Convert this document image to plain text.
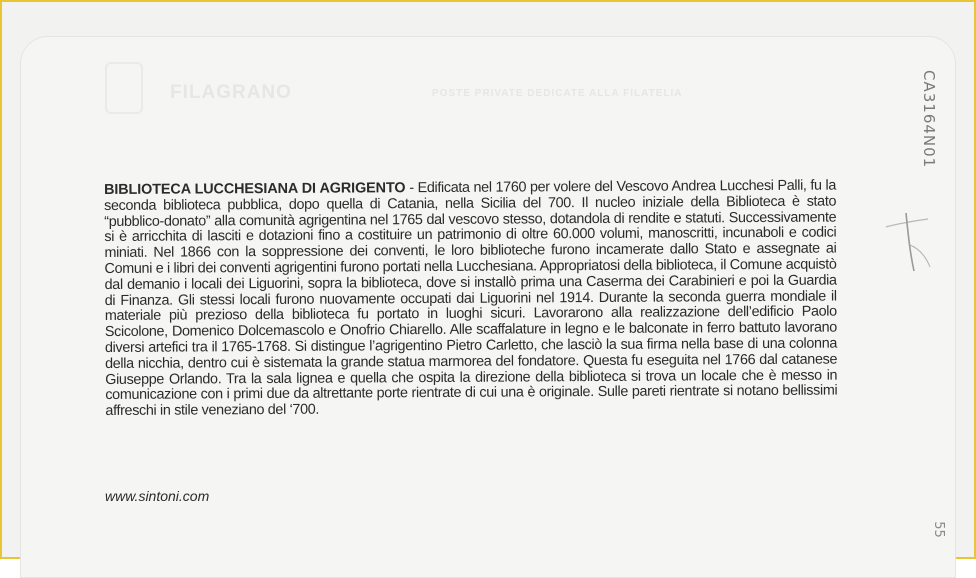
FILAGRANO	POSTE PRIVATE DEDICATE ALLA FILATELIA
BIBLIOTECA LUCCHESIANA DI AGRIGENTO - Edificata nel 1760 per volere del Vescovo Andrea Lucchesi Palli, fu la seconda biblioteca pubblica, dopo quella di Catania, nella Sicilia del 700. Il nucleo iniziale della Biblioteca è stato “pubblico-donato” alla comunità agrigentina nel 1765 dal vescovo stesso, dotandola di rendite e statuti. Successivamente si è arricchita di lasciti e dotazioni fino a costituire un patrimonio di oltre 60.000 volumi, manoscritti, incunaboli e codici miniati. Nel 1866 con la soppressione dei conventi, le loro biblioteche furono incamerate dallo Stato e assegnate ai Comuni e i libri dei conventi agrigentini furono portati nella Lucchesiana. Appropriatosi della biblioteca, il Comune acquistò dal demanio i locali dei Liguorini, sopra la biblioteca, dove si installò prima una Caserma dei Carabinieri e poi la Guardia di Finanza. Gli stessi locali furono nuovamente occupati dai Liguorini nel 1914. Durante la seconda guerra mondiale il materiale più prezioso della biblioteca fu portato in luoghi sicuri. Lavorarono alla realizzazione dell’edificio Paolo Scicolone, Domenico Dolcemascolo e Onofrio Chiarello. Alle scaffalature in legno e le balconate in ferro battuto lavorano diversi artefici tra il 1765-1768. Si distingue l’agrigentino Pietro Carletto, che lasciò la sua firma nella base di una colonna della nicchia, dentro cui è sistemata la grande statua marmorea del fondatore. Questa fu eseguita nel 1766 dal catanese Giuseppe Orlando. Tra la sala lignea e quella che ospita la direzione della biblioteca si trova un locale che è messo in comunicazione con i primi due da altrettante porte rientrate di cui una è originale. Sulle pareti rientrate si notano bellissimi affreschi in stile veneziano del ‘700.
www.sintoni.com
CA3164N01
55
